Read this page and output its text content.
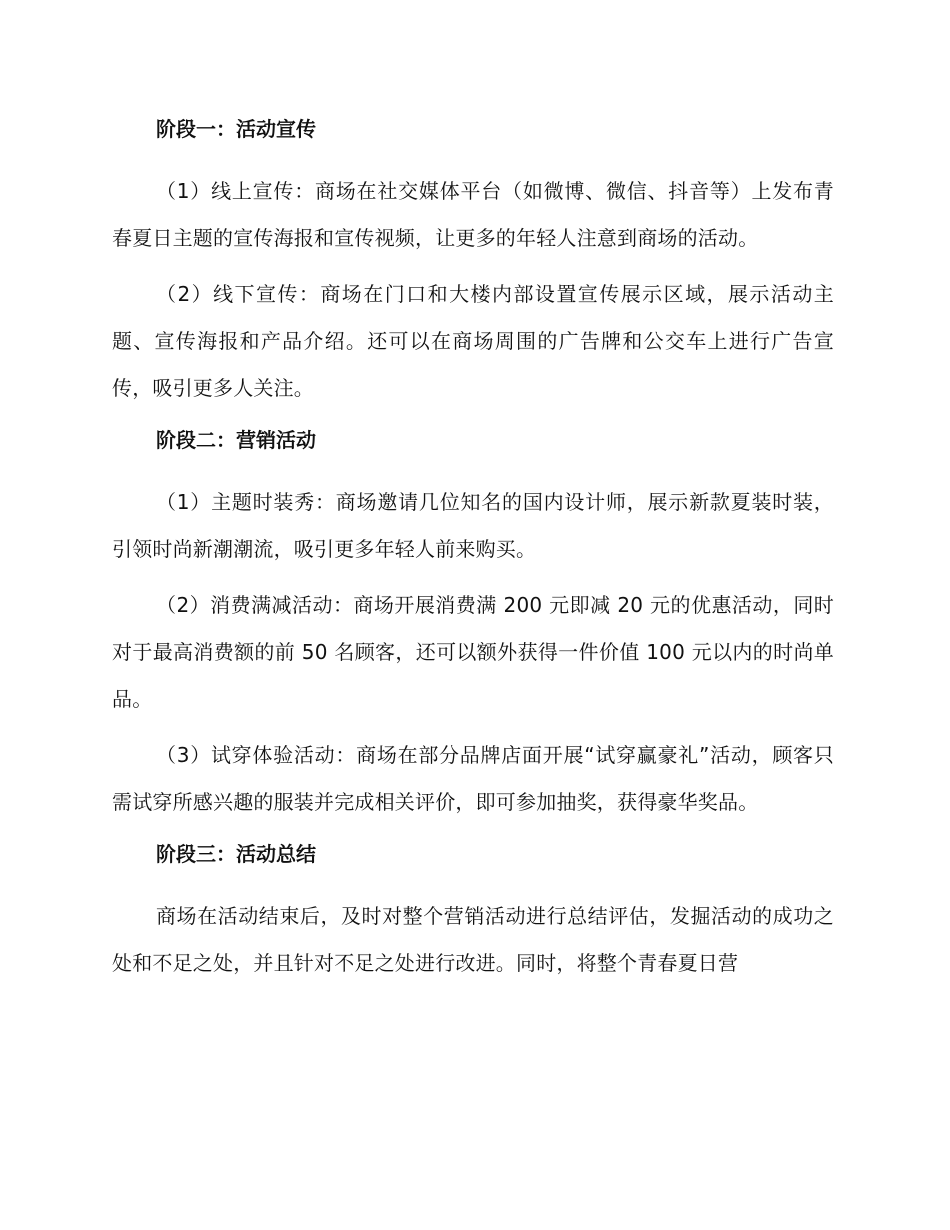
阶段一：活动宣传

（1）线上宣传：商场在社交媒体平台（如微博、微信、抖音等）上发布青春夏日主题的宣传海报和宣传视频，让更多的年轻人注意到商场的活动。

（2）线下宣传：商场在门口和大楼内部设置宣传展示区域，展示活动主题、宣传海报和产品介绍。还可以在商场周围的广告牌和公交车上进行广告宣传，吸引更多人关注。

阶段二：营销活动

（1）主题时装秀：商场邀请几位知名的国内设计师，展示新款夏装时装，引领时尚新潮潮流，吸引更多年轻人前来购买。

（2）消费满减活动：商场开展消费满 200 元即减 20 元的优惠活动，同时对于最高消费额的前 50 名顾客，还可以额外获得一件价值 100 元以内的时尚单品。

（3）试穿体验活动：商场在部分品牌店面开展“试穿赢豪礼”活动，顾客只需试穿所感兴趣的服装并完成相关评价，即可参加抽奖，获得豪华奖品。

阶段三：活动总结

商场在活动结束后，及时对整个营销活动进行总结评估，发掘活动的成功之处和不足之处，并且针对不足之处进行改进。同时，将整个青春夏日营
